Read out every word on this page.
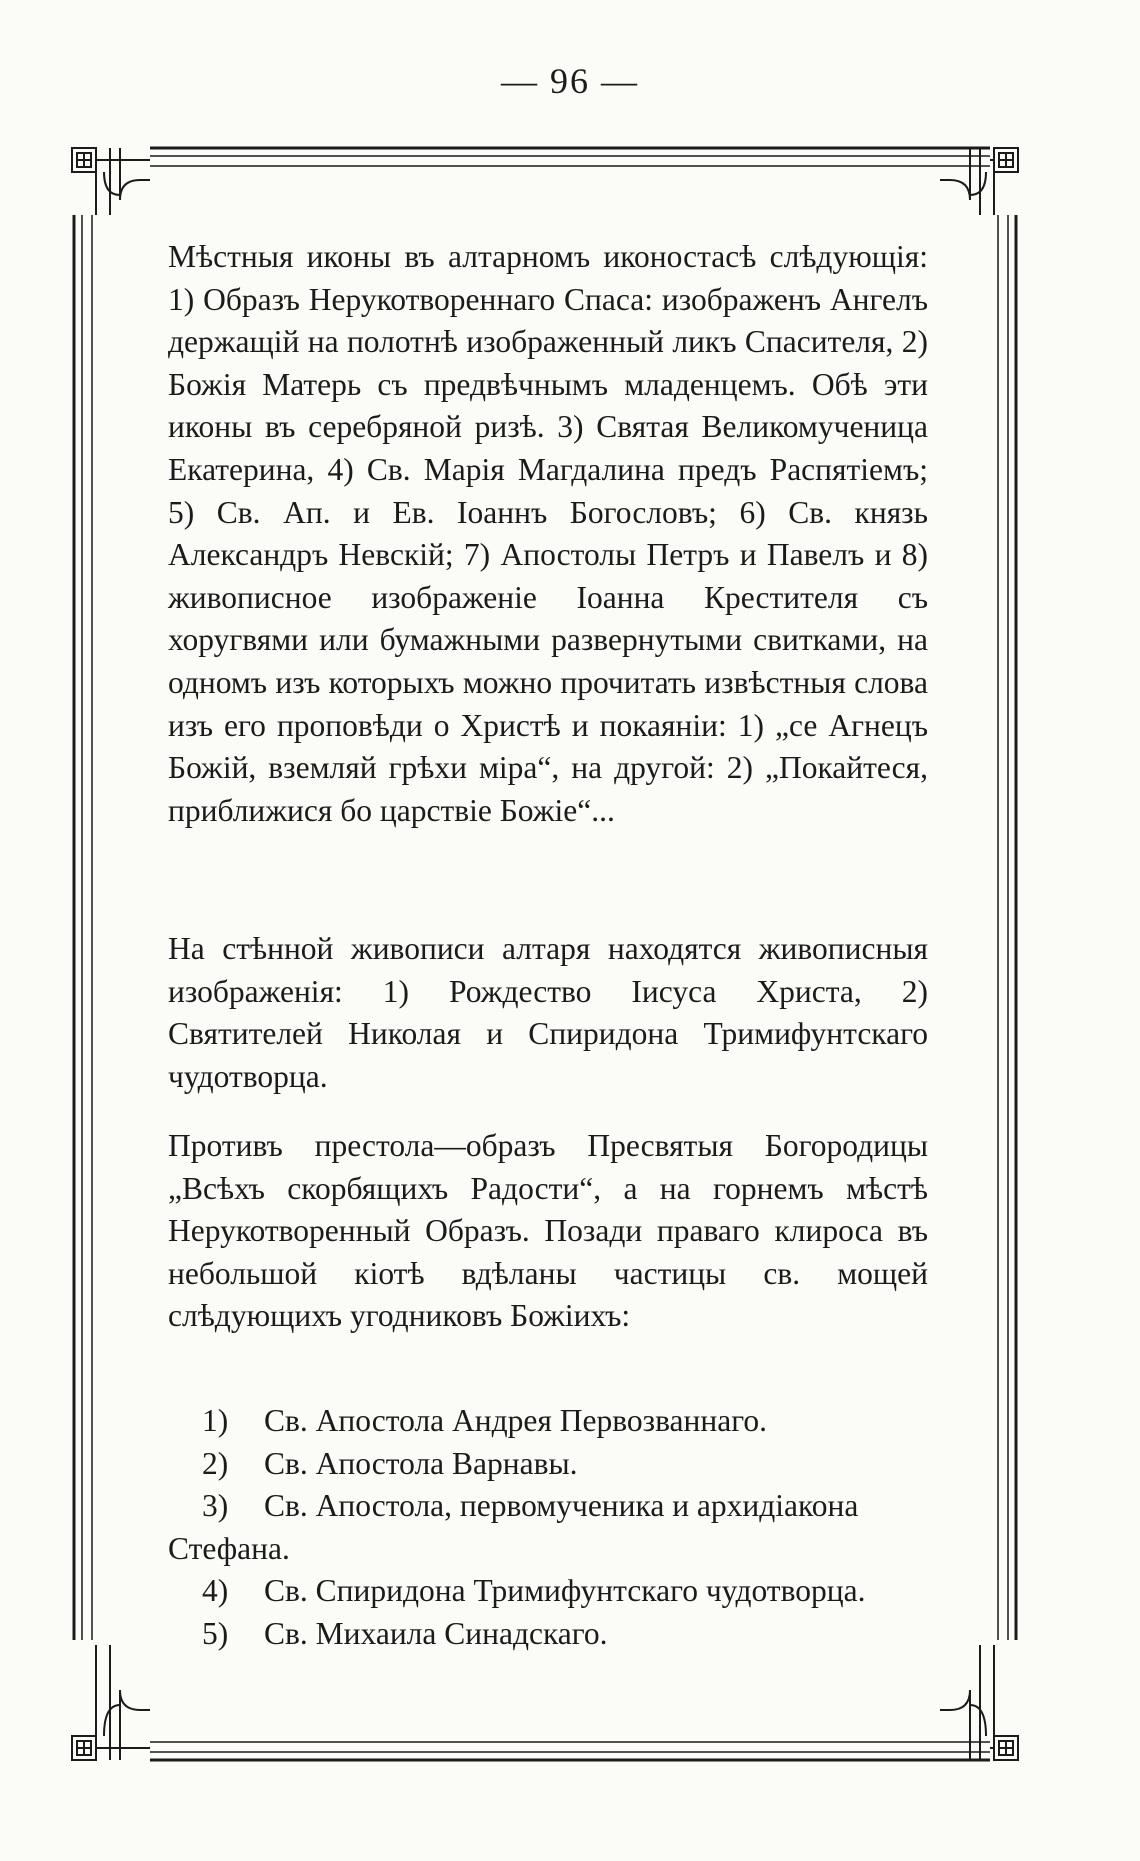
— 96 —

Мѣстныя иконы въ алтарномъ иконостасѣ слѣдующія: 1) Образъ Нерукотвореннаго Спаса: изображенъ Ангелъ держащій на полотнѣ изображенный ликъ Спасителя, 2) Божія Матерь съ предвѣчнымъ младенцемъ. Обѣ эти иконы въ серебряной ризѣ. 3) Святая Великомученица Екатерина, 4) Св. Марія Магдалина предъ Распятіемъ; 5) Св. Ап. и Ев. Іоаннъ Богословъ; 6) Св. князь Александръ Невскій; 7) Апостолы Петръ и Павелъ и 8) живописное изображеніе Іоанна Крестителя съ хоругвями или бумажными развернутыми свитками, на одномъ изъ которыхъ можно прочитать извѣстныя слова изъ его проповѣди о Христѣ и покаяніи: 1) „се Агнецъ Божій, вземляй грѣхи міра“, на другой: 2) „Покайтеся, приближися бо царствіе Божіе“...

На стѣнной живописи алтаря находятся живописныя изображенія: 1) Рождество Іисуса Христа, 2) Святителей Николая и Спиридона Тримифунтскаго чудотворца.

Противъ престола—образъ Пресвятыя Богородицы „Всѣхъ скорбящихъ Радости“, а на горнемъ мѣстѣ Нерукотворенный Образъ. Позади праваго клироса въ небольшой кіотѣ вдѣланы частицы св. мощей слѣдующихъ угодниковъ Божіихъ:

1) Св. Апостола Андрея Первозваннаго.
2) Св. Апостола Варнавы.
3) Св. Апостола, первомученика и архидіакона Стефана.
4) Св. Спиридона Тримифунтскаго чудотворца.
5) Св. Михаила Синадскаго.
